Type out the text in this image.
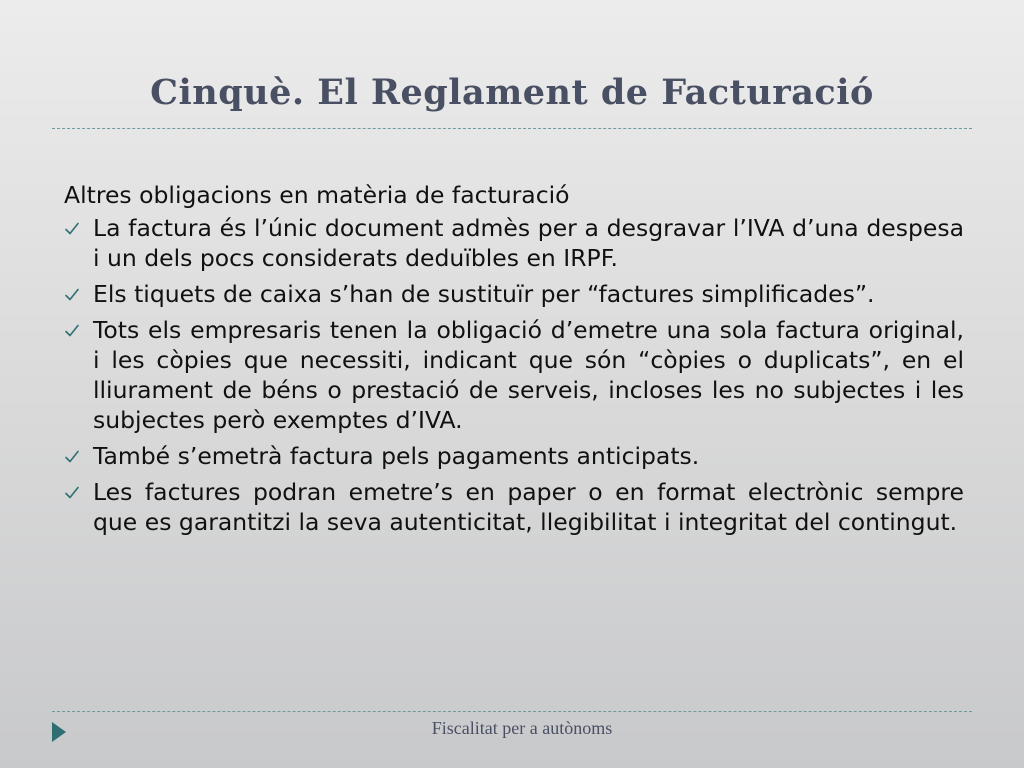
Cinquè. El Reglament de Facturació

Altres obligacions en matèria de facturació

La factura és l’únic document admès per a desgravar l’IVA d’una despesa i un dels pocs considerats deduïbles en IRPF.
Els tiquets de caixa s’han de sustituïr per “factures simplificades”.
Tots els empresaris tenen la obligació d’emetre una sola factura original, i les còpies que necessiti, indicant que són “còpies o duplicats”, en el lliurament de béns o prestació de serveis, incloses les no subjectes i les subjectes però exemptes d’IVA.
També s’emetrà factura pels pagaments anticipats.
Les factures podran emetre’s en paper o en format electrònic sempre que es garantitzi la seva autenticitat, llegibilitat i integritat del contingut.
Fiscalitat per a autònoms
